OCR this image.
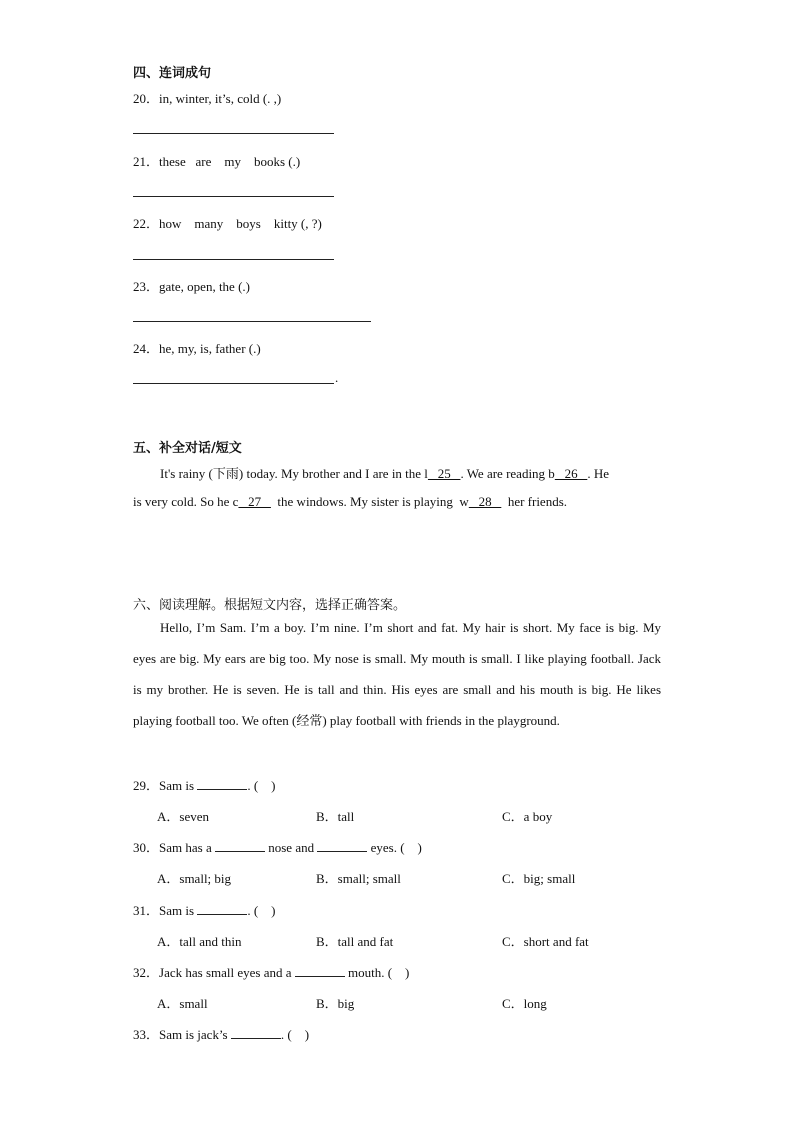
四、连词成句
20．in, winter, it’s, cold (. ,)
21．these   are    my    books (.)
22．how    many    boys    kitty (, ?)
23．gate, open, the (.)
24．he, my, is, father (.)
.
五、补全对话/短文
It's rainy (下雨) today. My brother and I are in the l   25   . We are reading b   26   . He
is very cold. So he c   27     the windows. My sister is playing  w   28     her friends.
六、阅读理解。根据短文内容，选择正确答案。

Hello, I’m Sam. I’m a boy. I’m nine. I’m short and fat. My hair is short. My face is big. My eyes are big. My ears are big too. My nose is small. My mouth is small. I like playing football. Jack is my brother. He is seven. He is tall and thin. His eyes are small and his mouth is big. He likes playing football too. We often (经常) play football with friends in the playground.

29．Sam is	. (    )
A．seven	B．tall	C．a boy
30．Sam has a	nose and	eyes. (    )
A．small; big	B．small; small	C．big; small
31．Sam is	. (    )
A．tall and thin	B．tall and fat	C．short and fat
32．Jack has small eyes and a	mouth. (    )
A．small	B．big	C．long
33．Sam is jack’s	. (    )
